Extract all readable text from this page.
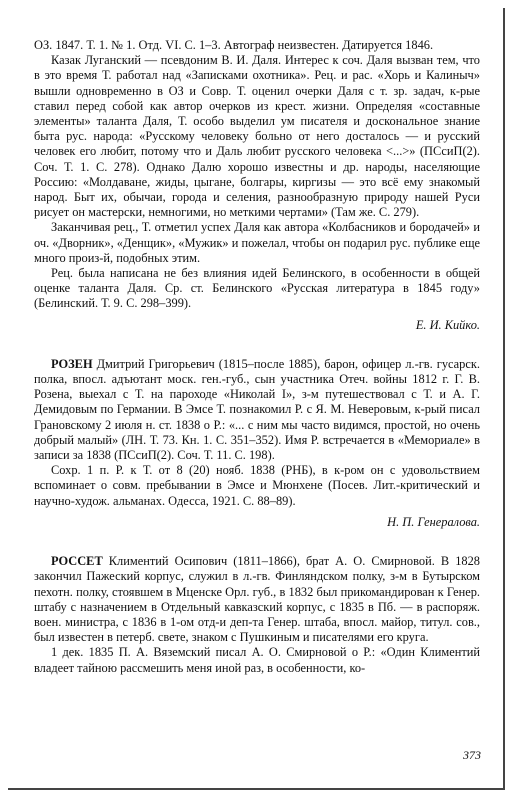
ОЗ. 1847. Т. 1. № 1. Отд. VI. С. 1–3. Автограф неизвестен. Датируется 1846.

Казак Луганский — псевдоним В. И. Даля. Интерес к соч. Даля вызван тем, что в это время Т. работал над «Записками охотника». Рец. и рас. «Хорь и Калиныч» вышли одновременно в ОЗ и Совр. Т. оценил очерки Даля с т. зр. задач, к-рые ставил перед собой как автор очерков из крест. жизни. Определяя «составные элементы» таланта Даля, Т. особо выделил ум писателя и доскональное знание быта рус. народа: «Русскому человеку больно от него досталось — и русский человек его любит, потому что и Даль любит русского человека <...>» (ПСсиП(2). Соч. Т. 1. С. 278). Однако Далю хорошо известны и др. народы, населяющие Россию: «Молдаване, жиды, цыгане, болгары, киргизы — это всё ему знакомый народ. Быт их, обычаи, города и селения, разнообразную природу нашей Руси рисует он мастерски, немногими, но меткими чертами» (Там же. С. 279).

Заканчивая рец., Т. отметил успех Даля как автора «Колбасников и бородачей» и оч. «Дворник», «Денщик», «Мужик» и пожелал, чтобы он подарил рус. публике еще много произ-й, подобных этим.

Рец. была написана не без влияния идей Белинского, в особенности в общей оценке таланта Даля. Ср. ст. Белинского «Русская литература в 1845 году» (Белинский. Т. 9. С. 298–399).

Е. И. Кийко.

РОЗЕН Дмитрий Григорьевич (1815–после 1885), барон, офицер л.-гв. гусарск. полка, впосл. адъютант моск. ген.-губ., сын участника Отеч. войны 1812 г. Г. В. Розена, выехал с Т. на пароходе «Николай I», з-м путешествовал с Т. и А. Г. Демидовым по Германии. В Эмсе Т. познакомил Р. с Я. М. Неверовым, к-рый писал Грановскому 2 июля н. ст. 1838 о Р.: «... с ним мы часто видимся, простой, но очень добрый малый» (ЛН. Т. 73. Кн. 1. С. 351–352). Имя Р. встречается в «Мемориале» в записи за 1838 (ПСсиП(2). Соч. Т. 11. С. 198).

Сохр. 1 п. Р. к Т. от 8 (20) нояб. 1838 (РНБ), в к-ром он с удовольствием вспоминает о совм. пребывании в Эмсе и Мюнхене (Посев. Лит.-критический и научно-худож. альманах. Одесса, 1921. С. 88–89).

Н. П. Генералова.

РОССЕТ Климентий Осипович (1811–1866), брат А. О. Смирновой. В 1828 закончил Пажеский корпус, служил в л.-гв. Финляндском полку, з-м в Бутырском пехотн. полку, стоявшем в Мценске Орл. губ., в 1832 был прикомандирован к Генер. штабу с назначением в Отдельный кавказский корпус, с 1835 в Пб. — в распоряж. воен. министра, с 1836 в 1-ом отд-и деп-та Генер. штаба, впосл. майор, титул. сов., был известен в петерб. свете, знаком с Пушкиным и писателями его круга.

1 дек. 1835 П. А. Вяземский писал А. О. Смирновой о Р.: «Один Климентий владеет тайною рассмешить меня иной раз, в особенности, ко-

373
